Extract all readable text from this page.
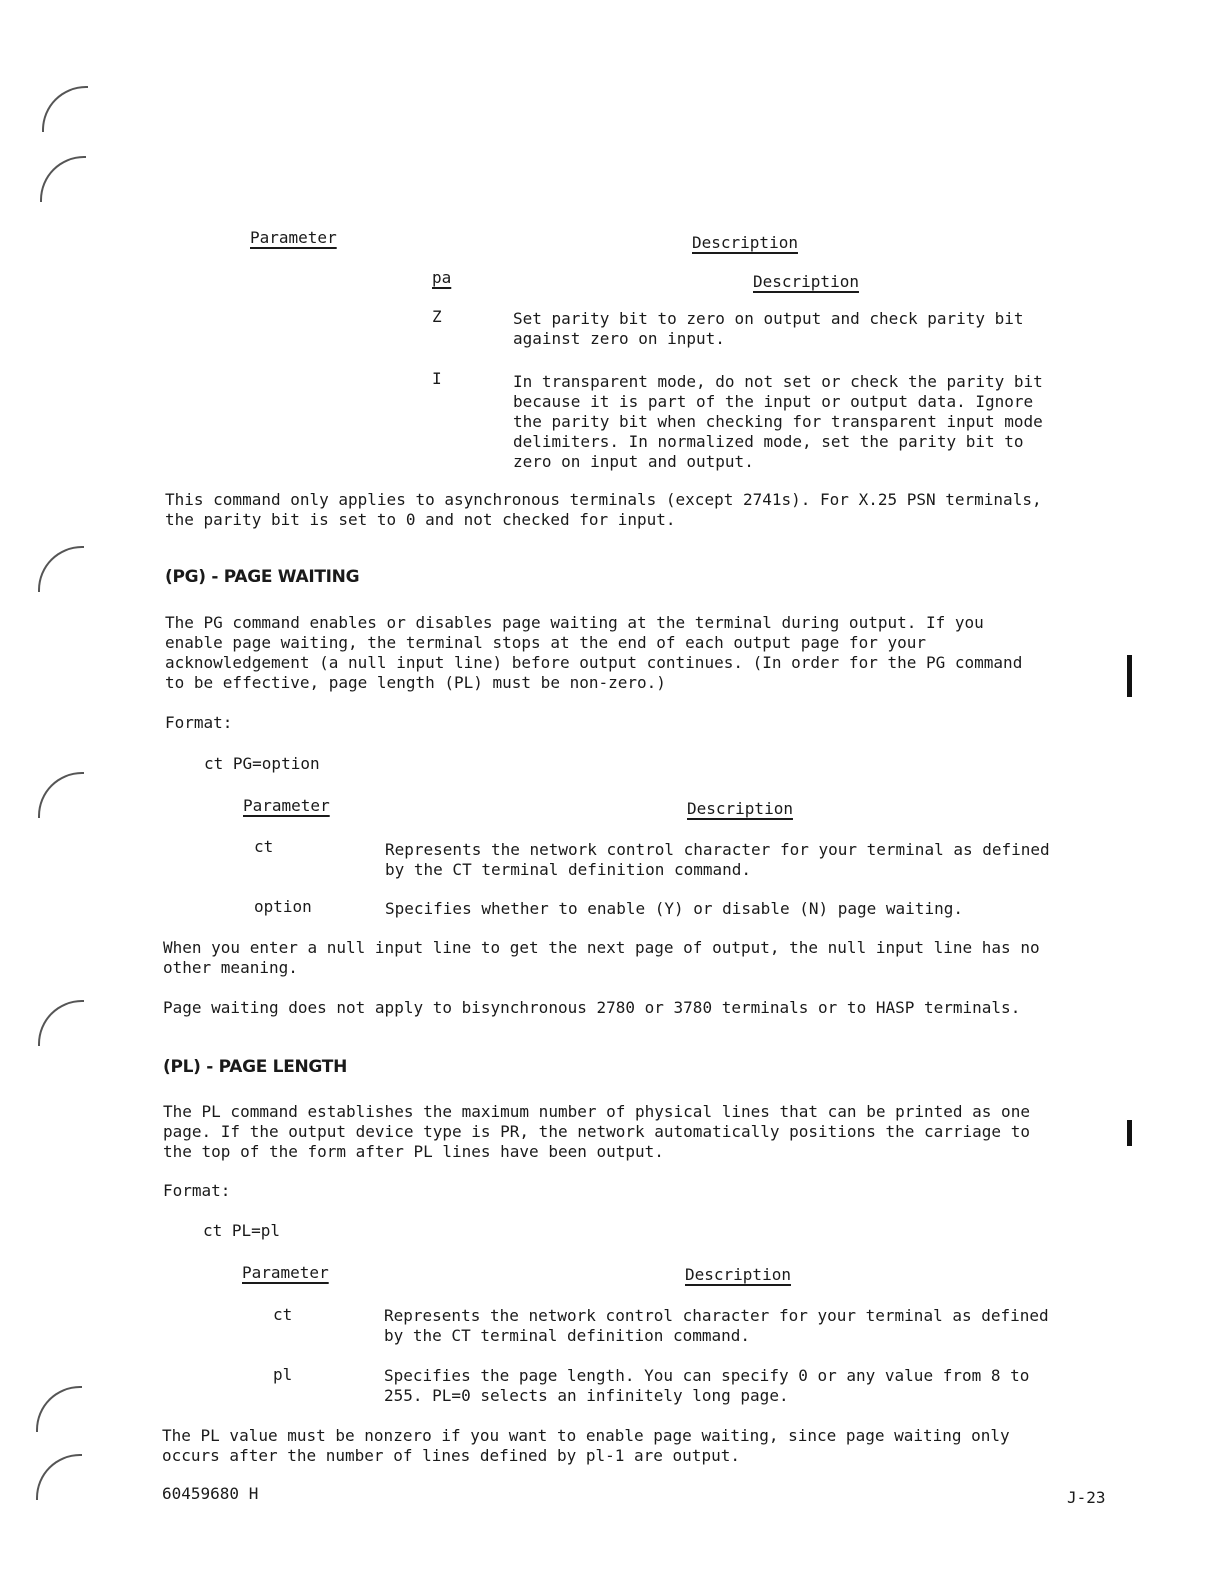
Parameter	Description
pa	Description
Z	Set parity bit to zero on output and check parity bit
against zero on input.
I	In transparent mode, do not set or check the parity bit
because it is part of the input or output data. Ignore
the parity bit when checking for transparent input mode
delimiters. In normalized mode, set the parity bit to
zero on input and output.
This command only applies to asynchronous terminals (except 2741s). For X.25 PSN terminals,
the parity bit is set to 0 and not checked for input.
(PG) - PAGE WAITING
The PG command enables or disables page waiting at the terminal during output. If you
enable page waiting, the terminal stops at the end of each output page for your
acknowledgement (a null input line) before output continues. (In order for the PG command
to be effective, page length (PL) must be non-zero.)
Format:
ct PG=option
Parameter	Description
ct	Represents the network control character for your terminal as defined
by the CT terminal definition command.
option	Specifies whether to enable (Y) or disable (N) page waiting.
When you enter a null input line to get the next page of output, the null input line has no
other meaning.
Page waiting does not apply to bisynchronous 2780 or 3780 terminals or to HASP terminals.
(PL) - PAGE LENGTH
The PL command establishes the maximum number of physical lines that can be printed as one
page. If the output device type is PR, the network automatically positions the carriage to
the top of the form after PL lines have been output.
Format:
ct PL=pl
Parameter	Description
ct	Represents the network control character for your terminal as defined
by the CT terminal definition command.
pl	Specifies the page length. You can specify 0 or any value from 8 to
255. PL=0 selects an infinitely long page.
The PL value must be nonzero if you want to enable page waiting, since page waiting only
occurs after the number of lines defined by pl-1 are output.
60459680 H	J-23
